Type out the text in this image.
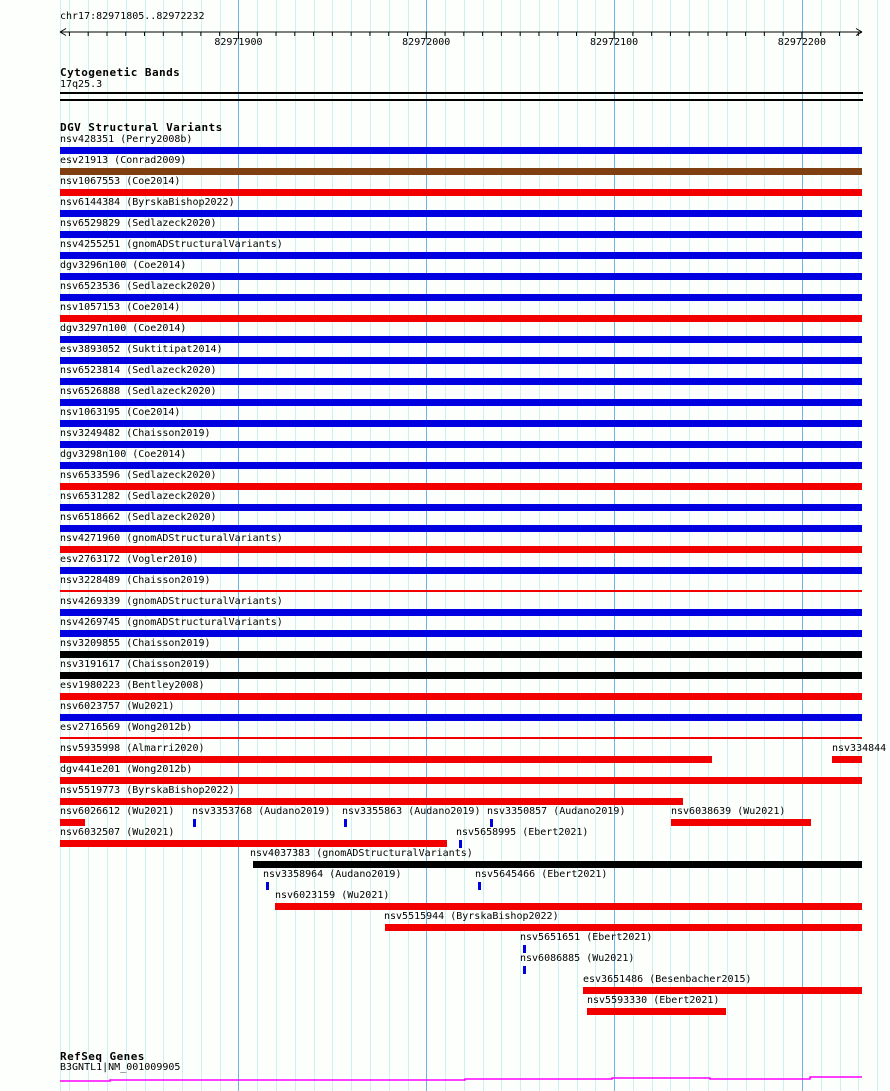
chr17:82971805..82972232
82971900	82972000	82972100	82972200
Cytogenetic Bands
17q25.3
DGV Structural Variants
nsv428351 (Perry2008b)
esv21913 (Conrad2009)
nsv1067553 (Coe2014)
nsv6144384 (ByrskaBishop2022)
nsv6529829 (Sedlazeck2020)
nsv4255251 (gnomADStructuralVariants)
dgv3296n100 (Coe2014)
nsv6523536 (Sedlazeck2020)
nsv1057153 (Coe2014)
dgv3297n100 (Coe2014)
esv3893052 (Suktitipat2014)
nsv6523814 (Sedlazeck2020)
nsv6526888 (Sedlazeck2020)
nsv1063195 (Coe2014)
nsv3249482 (Chaisson2019)
dgv3298n100 (Coe2014)
nsv6533596 (Sedlazeck2020)
nsv6531282 (Sedlazeck2020)
nsv6518662 (Sedlazeck2020)
nsv4271960 (gnomADStructuralVariants)
esv2763172 (Vogler2010)
nsv3228489 (Chaisson2019)
nsv4269339 (gnomADStructuralVariants)
nsv4269745 (gnomADStructuralVariants)
nsv3209855 (Chaisson2019)
nsv3191617 (Chaisson2019)
esv1980223 (Bentley2008)
nsv6023757 (Wu2021)
esv2716569 (Wong2012b)
nsv5935998 (Almarri2020)	nsv334844
dgv441e201 (Wong2012b)
nsv5519773 (ByrskaBishop2022)
nsv6026612 (Wu2021) nsv3353768 (Audano2019) nsv3355863 (Audano2019) nsv3350857 (Audano2019)	nsv6038639 (Wu2021)
nsv6032507 (Wu2021)	nsv5658995 (Ebert2021)
nsv4037383 (gnomADStructuralVariants)
nsv3358964 (Audano2019)	nsv5645466 (Ebert2021)
nsv6023159 (Wu2021)
nsv5515944 (ByrskaBishop2022)
nsv5651651 (Ebert2021)
nsv6086885 (Wu2021)
esv3651486 (Besenbacher2015)
nsv5593330 (Ebert2021)
RefSeq Genes
B3GNTL1|NM_001009905
